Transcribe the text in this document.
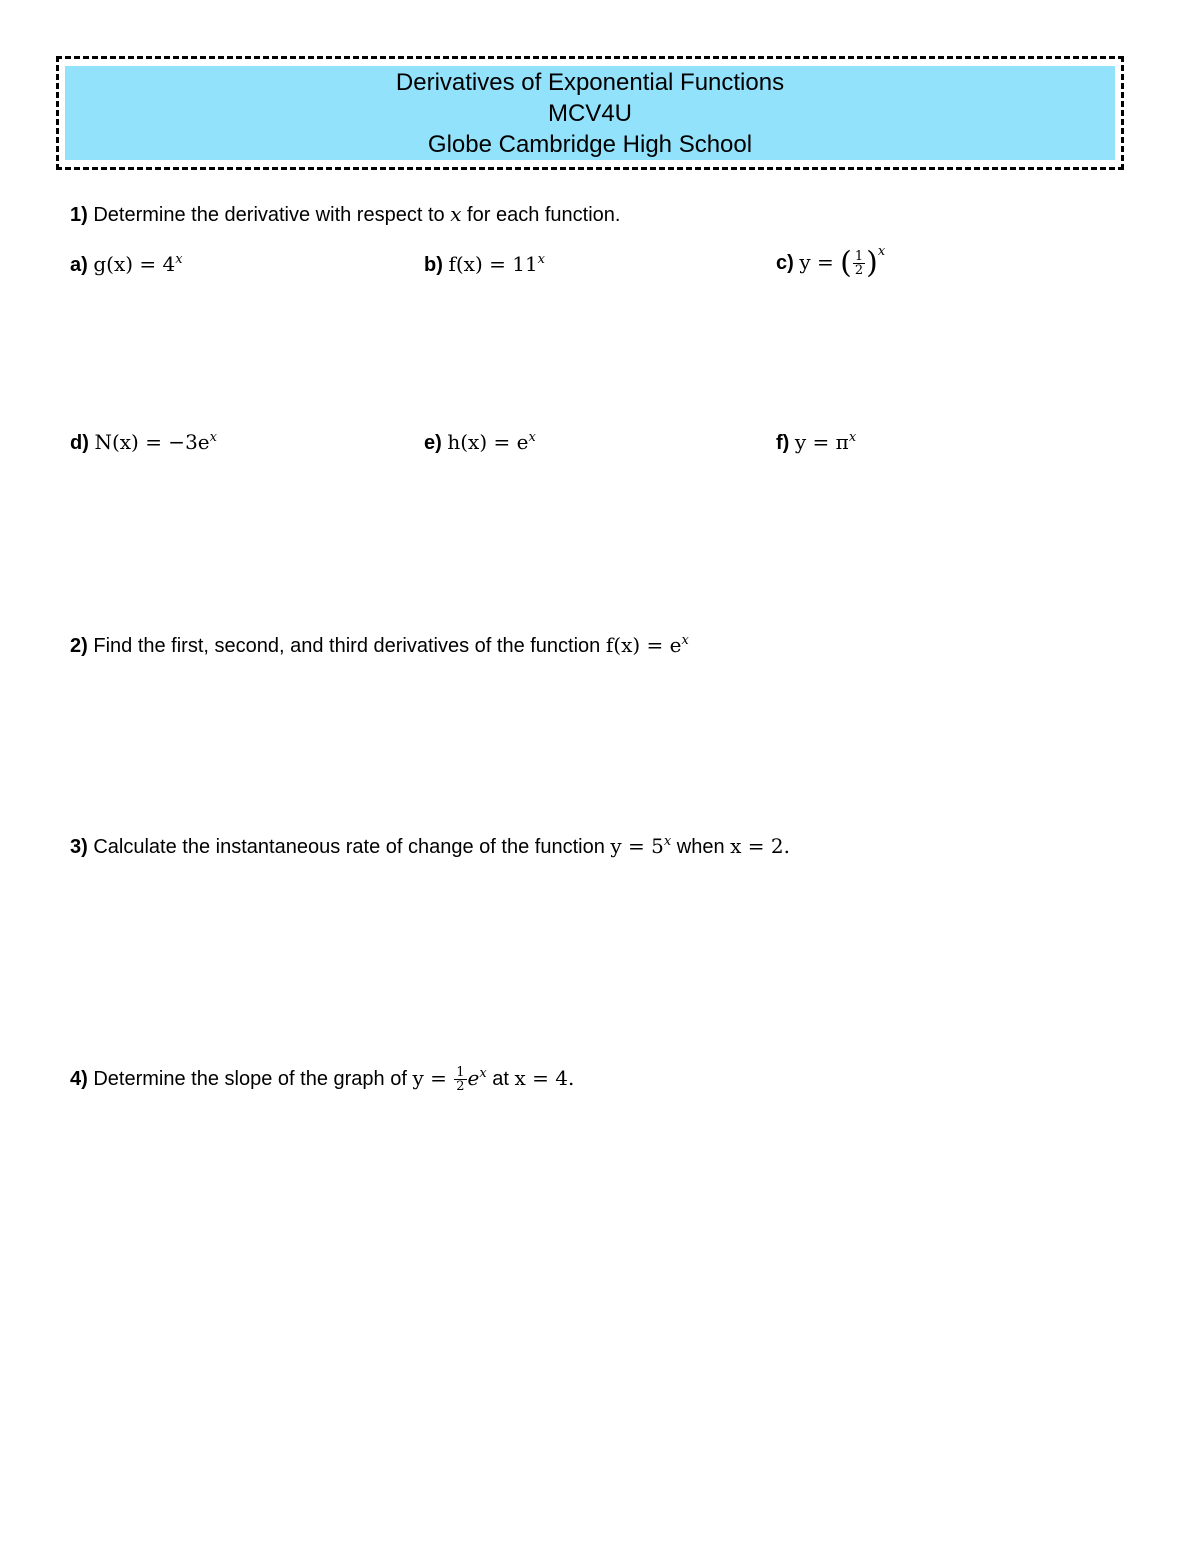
Derivatives of Exponential Functions
MCV4U
Globe Cambridge High School
1) Determine the derivative with respect to x for each function.
a) $g(x) = 4^x$	b) $f(x) = 11^x$	c) y = ( $\frac{1}{2} )^x$
d) $N(x) = -3e^x$	e) $h(x) = e^x$	f) $y = \pi^x$
2) Find the first, second, and third derivatives of the function $f(x) = e^x$
3) Calculate the instantaneous rate of change of the function $y = 5^x$ when x = 2.
4) Determine the slope of the graph of $y = \frac{1}{2} e^x$ at x = 4.
